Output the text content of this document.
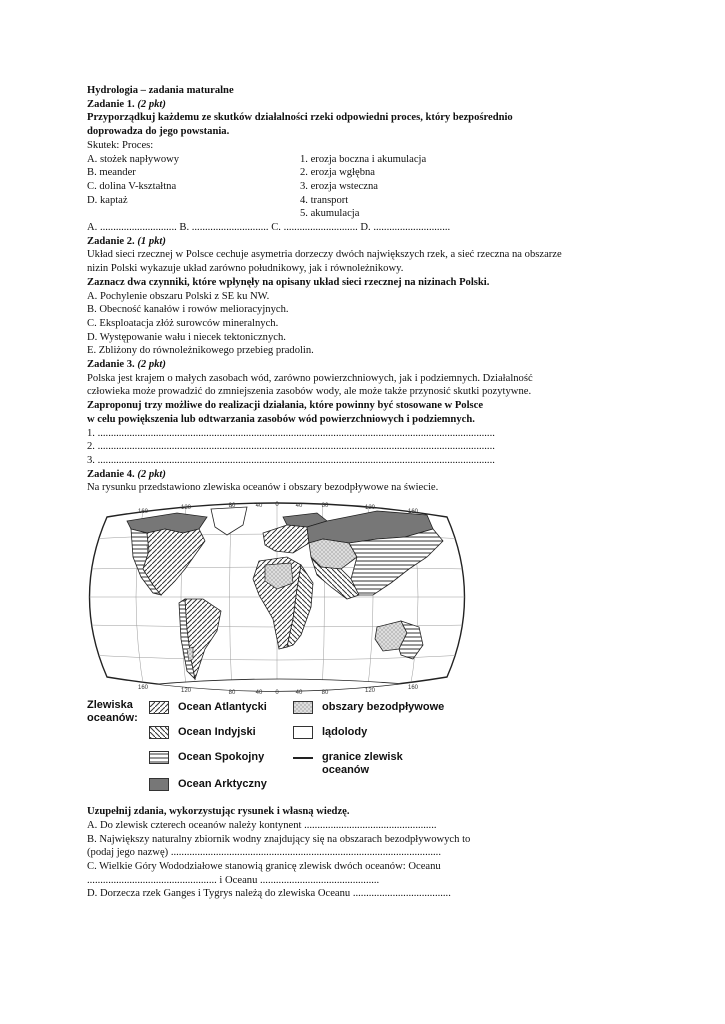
Hydrologia – zadania maturalne
Zadanie 1. (2 pkt)
Przyporządkuj każdemu ze skutków działalności rzeki odpowiedni proces, który bezpośrednio
doprowadza do jego powstania.
Skutek: Proces:
A. stożek napływowy	1. erozja boczna i akumulacja
B. meander	2. erozja wgłębna
C. dolina V-kształtna	3. erozja wsteczna
D. kaptaż	4. transport
5. akumulacja
A. ............................. B. ............................. C. ............................ D. .............................
Zadanie 2. (1 pkt)
Układ sieci rzecznej w Polsce cechuje asymetria dorzeczy dwóch największych rzek, a sieć rzeczna na obszarze
nizin Polski wykazuje układ zarówno południkowy, jak i równoleżnikowy.
Zaznacz dwa czynniki, które wpłynęły na opisany układ sieci rzecznej na nizinach Polski.
A. Pochylenie obszaru Polski z SE ku NW.
B. Obecność kanałów i rowów melioracyjnych.
C. Eksploatacja złóż surowców mineralnych.
D. Występowanie wału i niecek tektonicznych.
E. Zbliżony do równoleżnikowego przebieg pradolin.
Zadanie 3. (2 pkt)
Polska jest krajem o małych zasobach wód, zarówno powierzchniowych, jak i podziemnych. Działalność
człowieka może prowadzić do zmniejszenia zasobów wody, ale może także przynosić skutki pozytywne.
Zaproponuj trzy możliwe do realizacji działania, które powinny być stosowane w Polsce
w celu powiększenia lub odtwarzania zasobów wód powierzchniowych i podziemnych.
1. ......................................................................................................................................................
2. ......................................................................................................................................................
3. ......................................................................................................................................................
Zadanie 4. (2 pkt)
Na rysunku przedstawiono zlewiska oceanów i obszary bezodpływowe na świecie.
160
120	80	40 0	40	80	120
160
160	120	80	40 0	40	80	120	160
Zlewiska
oceanów:
Ocean Atlantycki
Ocean Indyjski
Ocean Spokojny
Ocean Arktyczny
obszary bezodpływowe
lądolody
granice zlewisk
oceanów
Uzupełnij zdania, wykorzystując rysunek i własną wiedzę.
A. Do zlewisk czterech oceanów należy kontynent ..................................................
B. Największy naturalny zbiornik wodny znajdujący się na obszarach bezodpływowych to
(podaj jego nazwę) ......................................................................................................
C. Wielkie Góry Wododziałowe stanowią granicę zlewisk dwóch oceanów: Oceanu
................................................. i Oceanu .............................................
D. Dorzecza rzek Ganges i Tygrys należą do zlewiska Oceanu .....................................
